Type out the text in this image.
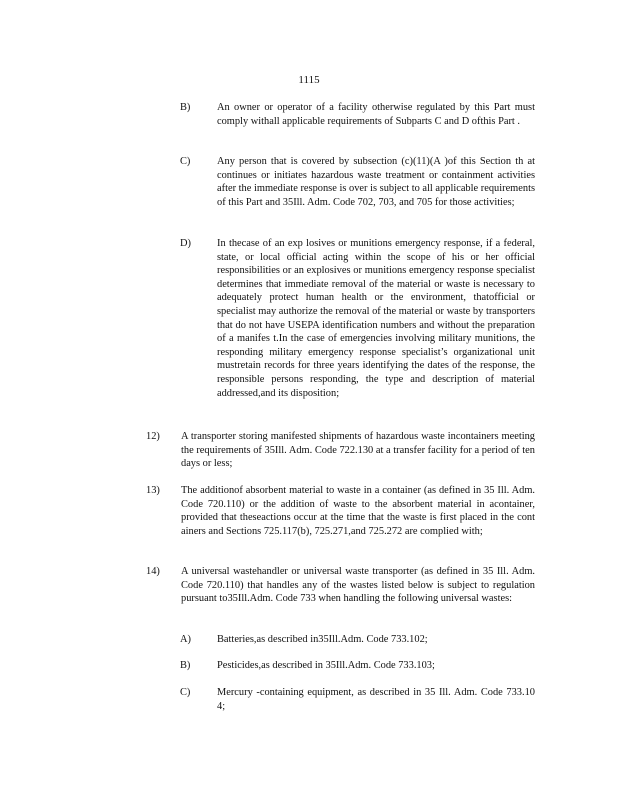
1115
B)	An owner or operator of a facility otherwise regulated by this Part must comply withall applicable requirements of Subparts C and D ofthis Part .
C)	Any person that is covered by subsection (c)(11)(A )of this Section th at continues or initiates hazardous waste treatment or containment activities after the immediate response is over is subject to all applicable requirements of this Part and 35Ill. Adm. Code 702, 703, and 705 for those activities;
D)	In thecase of an exp losives or munitions emergency response, if a federal, state, or local official acting within the scope of his or her official responsibilities or an explosives or munitions emergency response specialist determines that immediate removal of the material or waste is necessary to adequately protect human health or the environment, thatofficial or specialist may authorize the removal of the material or waste by transporters that do not have USEPA identification numbers and without the preparation of a manifes t.In the case of emergencies involving military munitions, the responding military emergency response specialist’s organizational unit mustretain records for three years identifying the dates of the response, the responsible persons responding, the type and description of material addressed,and its disposition;
12) A transporter storing manifested shipments of hazardous waste incontainers meeting the requirements of 35Ill. Adm. Code 722.130 at a transfer facility for a period of ten days or less;
13) The additionof absorbent material to waste in a container (as defined in 35 Ill. Adm. Code 720.110) or the addition of waste to the absorbent material in acontainer, provided that theseactions occur at the time that the waste is first placed in the cont ainers and Sections 725.117(b), 725.271,and 725.272 are complied with;
14) A universal wastehandler or universal waste transporter (as defined in 35 Ill. Adm. Code 720.110) that handles any of the wastes listed below is subject to regulation pursuant to35Ill.Adm. Code 733 when handling the following universal wastes:
A)	Batteries,as described in35Ill.Adm. Code 733.102;
B)	Pesticides,as described in 35Ill.Adm. Code 733.103;
C)	Mercury -containing equipment, as described in 35 Ill. Adm. Code 733.10 4;
